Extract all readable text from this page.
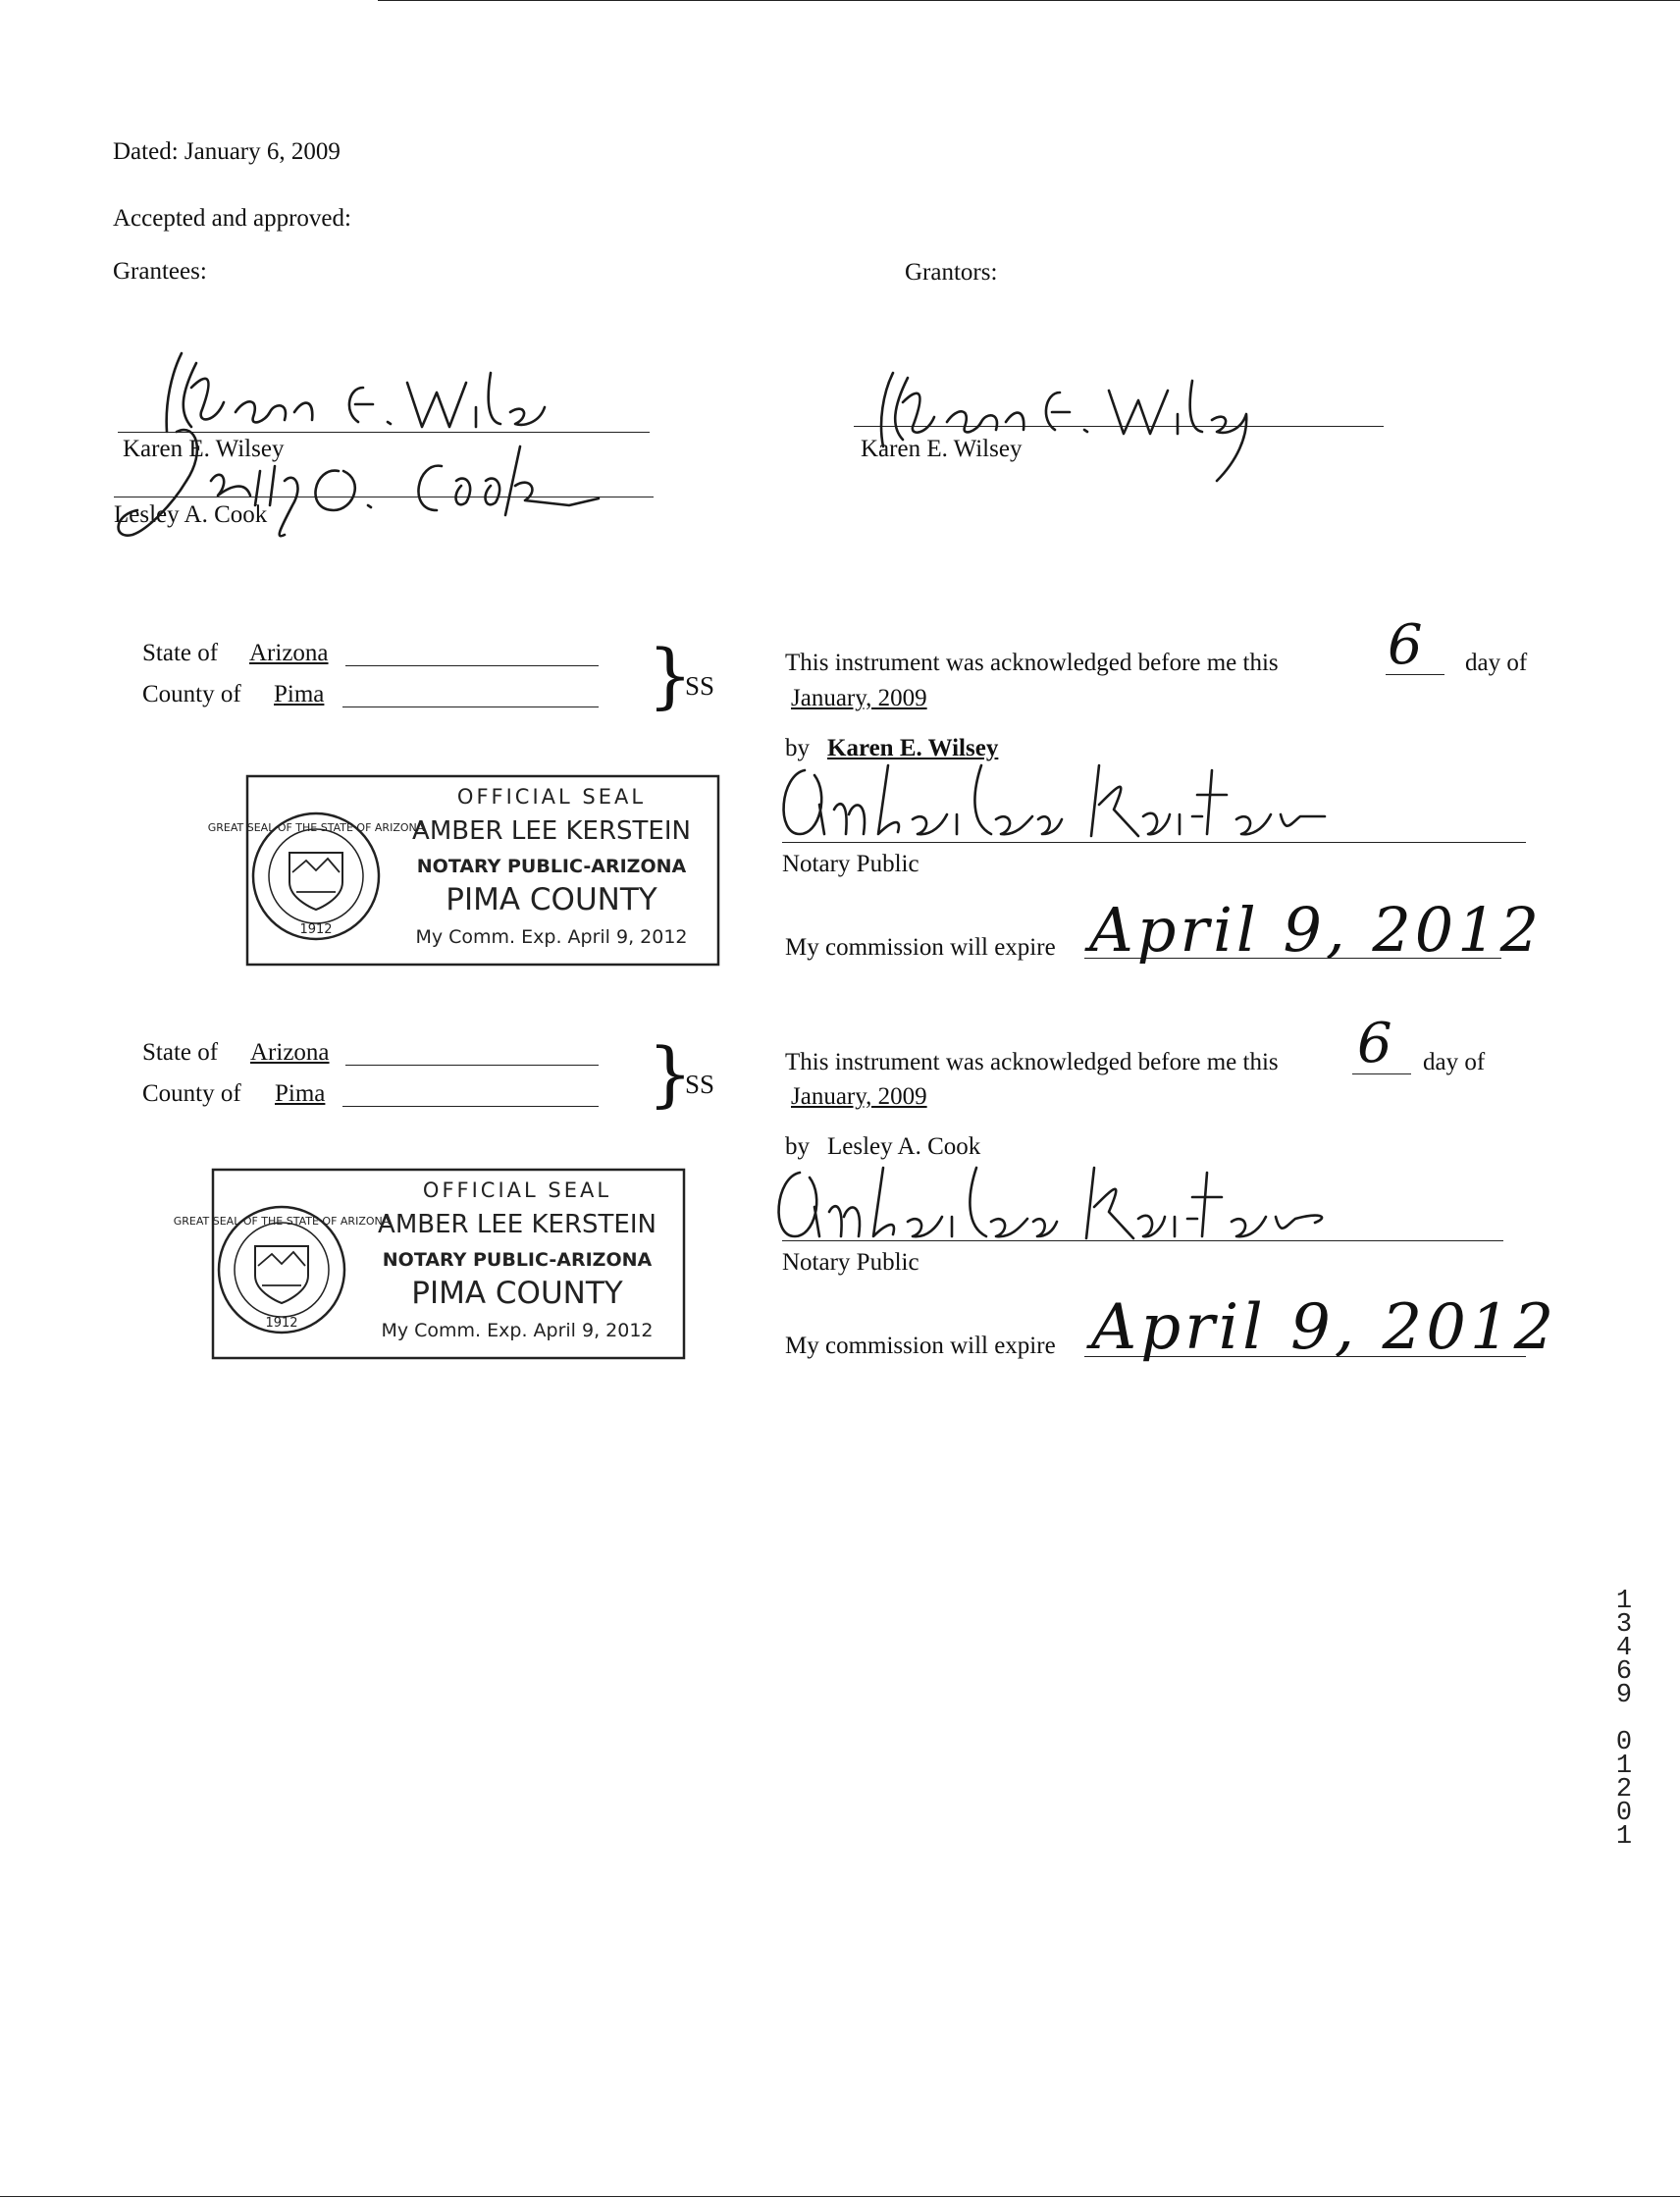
Dated: January 6, 2009
Accepted and approved:
Grantees:	Grantors:
Karen E. Wilsey
Lesley A. Cook
Karen E. Wilsey
State of Arizona
County of Pima	}
SS
This instrument was acknowledged before me this 6 day of
January, 2009
by Karen E. Wilsey
Notary Public
My commission will expire April 9, 2012
GREAT SEAL OF THE STATE OF ARIZONA
1912
OFFICIAL SEAL
AMBER LEE KERSTEIN
NOTARY PUBLIC-ARIZONA
PIMA COUNTY
My Comm. Exp. April 9, 2012
State of Arizona
County of Pima	}
SS
This instrument was acknowledged before me this 6 day of
January, 2009
by Lesley A. Cook
Notary Public
My commission will expire April 9, 2012
GREAT SEAL OF THE STATE OF ARIZONA
1912
OFFICIAL SEAL
AMBER LEE KERSTEIN
NOTARY PUBLIC-ARIZONA
PIMA COUNTY
My Comm. Exp. April 9, 2012
1
3
4
6
9

0
1
2
0
1
